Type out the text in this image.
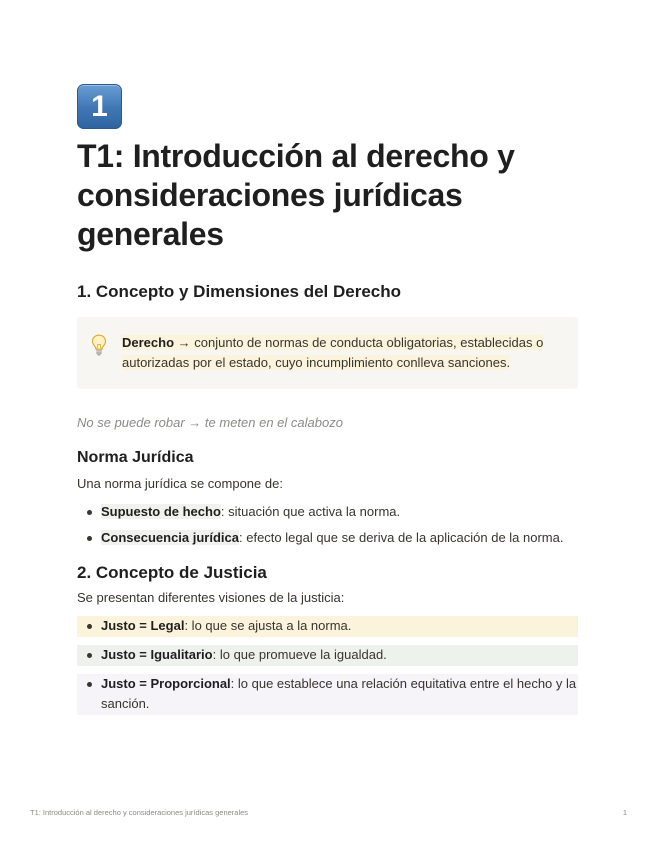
1
T1: Introducción al derecho y consideraciones jurídicas generales
1. Concepto y Dimensiones del Derecho
Derecho → conjunto de normas de conducta obligatorias, establecidas o autorizadas por el estado, cuyo incumplimiento conlleva sanciones.

No se puede robar → te meten en el calabozo

Norma Jurídica

Una norma jurídica se compone de:

Supuesto de hecho: situación que activa la norma.
Consecuencia jurídica: efecto legal que se deriva de la aplicación de la norma.
2. Concepto de Justicia

Se presentan diferentes visiones de la justicia:

Justo = Legal: lo que se ajusta a la norma.
Justo = Igualitario: lo que promueve la igualdad.
Justo = Proporcional: lo que establece una relación equitativa entre el hecho y la sanción.
T1: Introducción al derecho y consideraciones jurídicas generales	1
